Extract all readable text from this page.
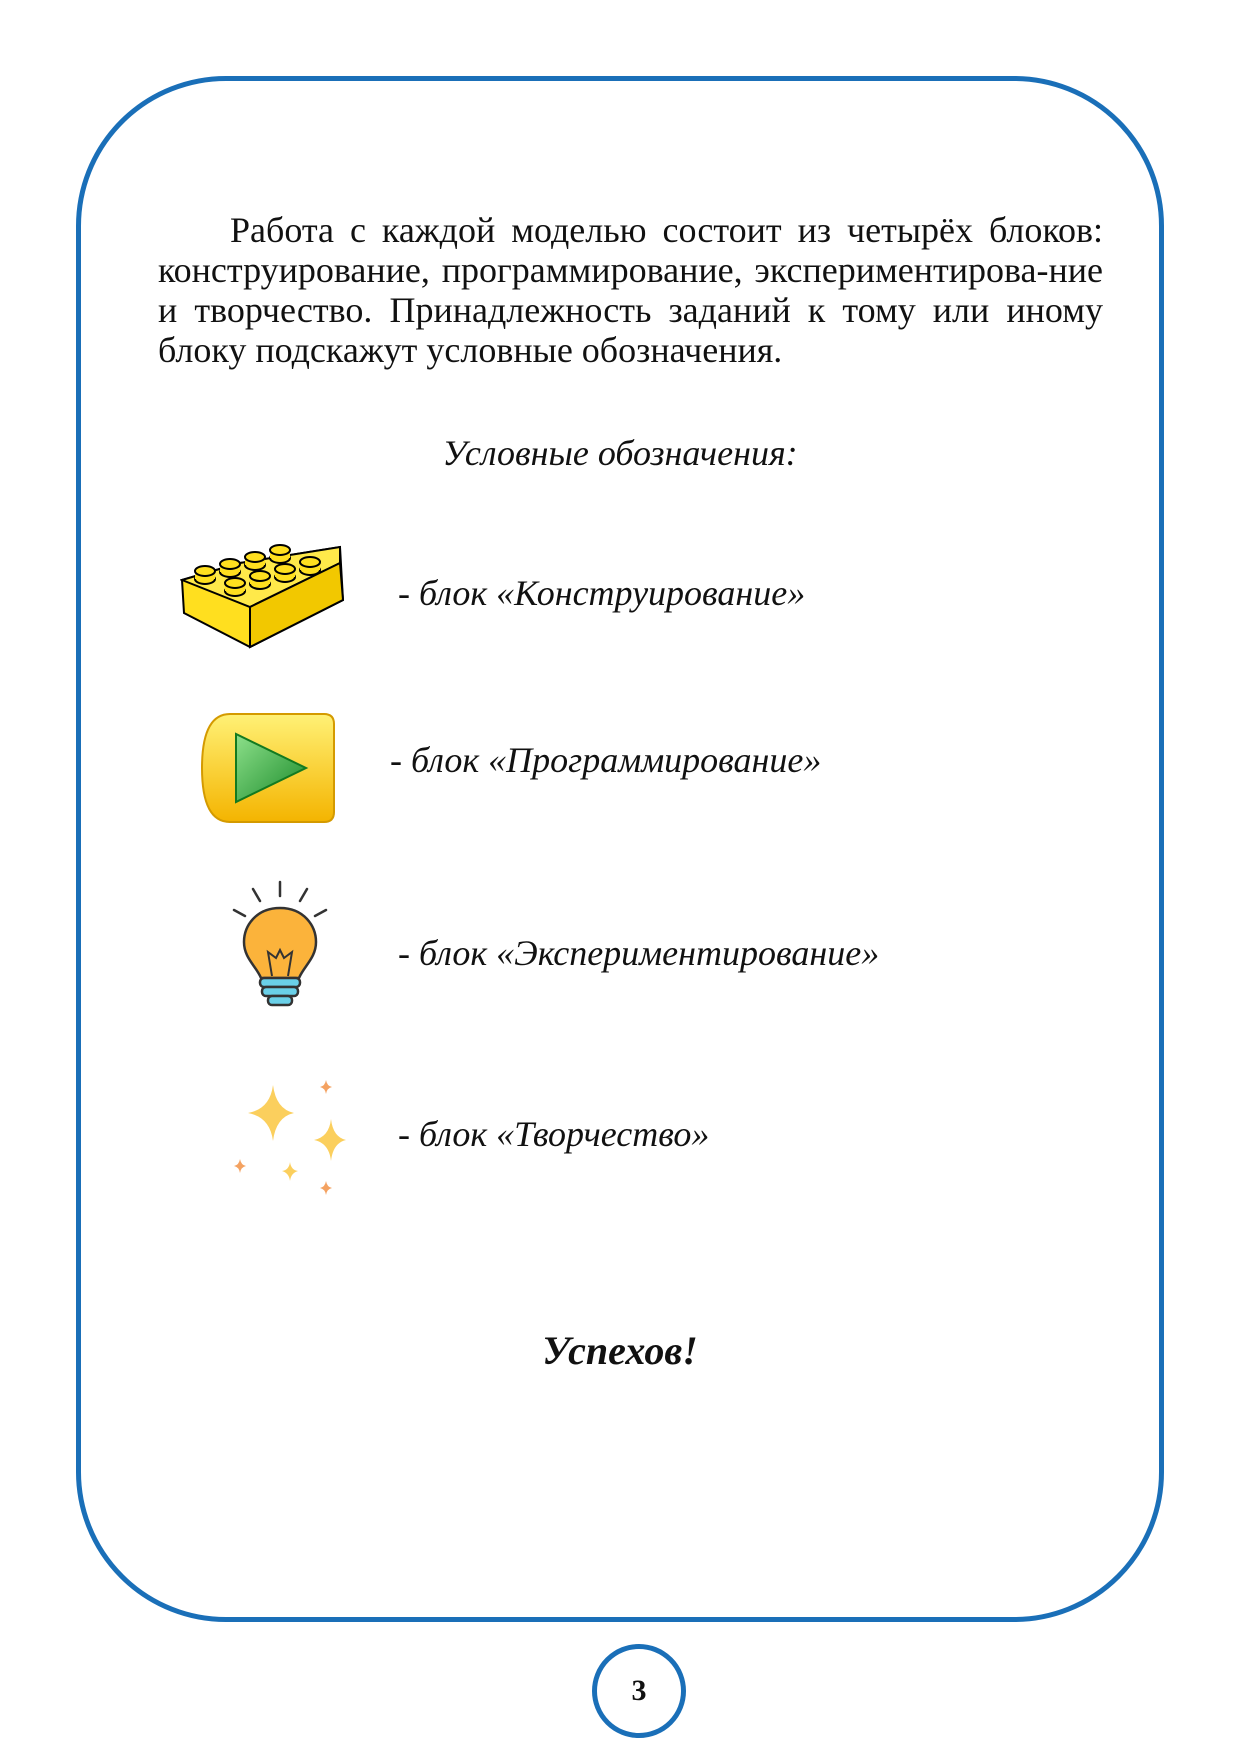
Работа с каждой моделью состоит из четырёх блоков: конструирование, программирование, экспериментирова-ние и творчество. Принадлежность заданий к тому или иному блоку подскажут условные обозначения.

Условные обозначения:

- блок «Конструирование»
- блок «Программирование»
- блок «Экспериментирование»
- блок «Творчество»

Успехов!

3
